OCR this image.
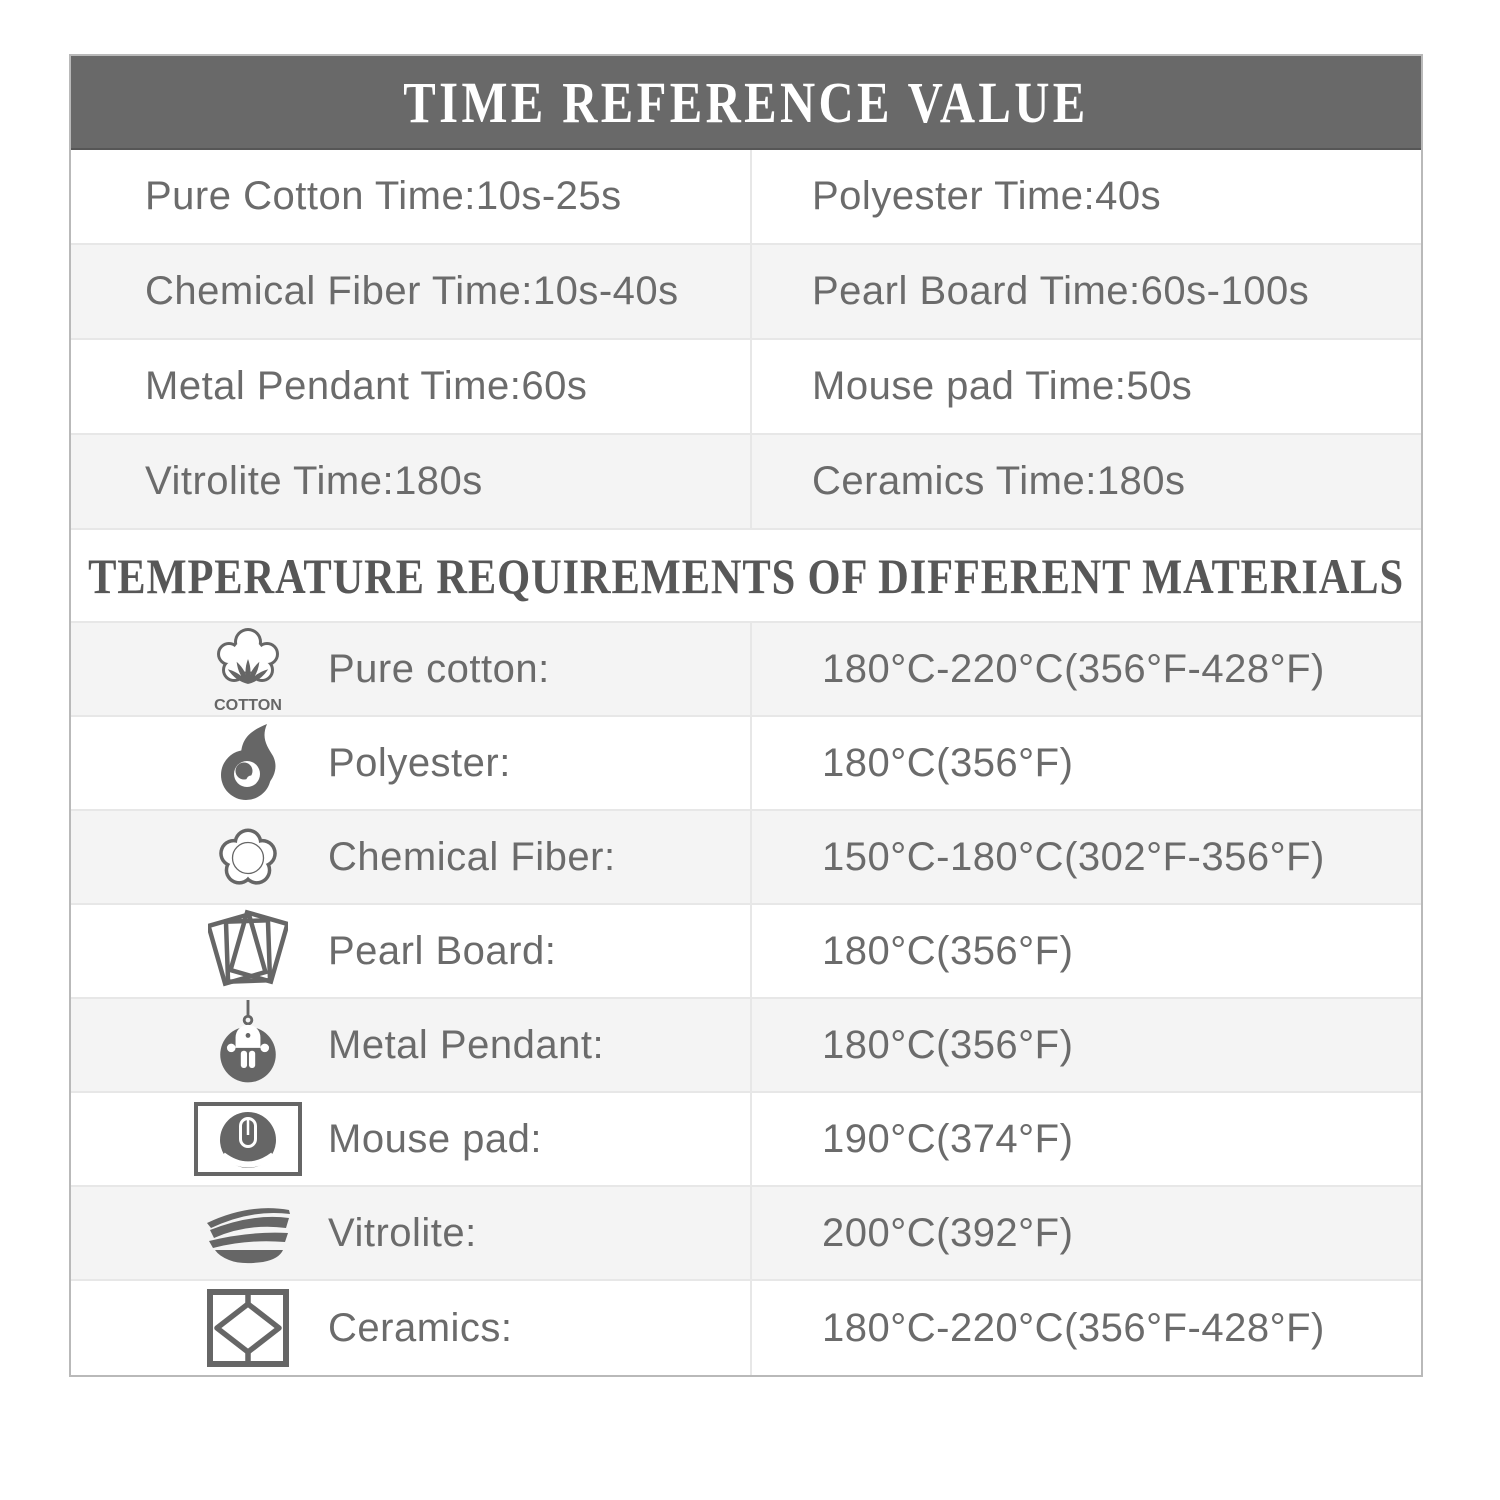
TIME REFERENCE VALUE
Pure Cotton Time:10s-25s	Polyester Time:40s
Chemical Fiber Time:10s-40s	Pearl Board Time:60s-100s
Metal Pendant Time:60s	Mouse pad Time:50s
Vitrolite Time:180s	Ceramics Time:180s
TEMPERATURE REQUIREMENTS OF DIFFERENT MATERIALS
COTTON
Pure cotton:	180°C-220°C(356°F-428°F)
Polyester:	180°C(356°F)
Chemical Fiber:	150°C-180°C(302°F-356°F)
Pearl Board:	180°C(356°F)
Metal Pendant:	180°C(356°F)
Mouse pad:	190°C(374°F)
Vitrolite:	200°C(392°F)
Ceramics:	180°C-220°C(356°F-428°F)
